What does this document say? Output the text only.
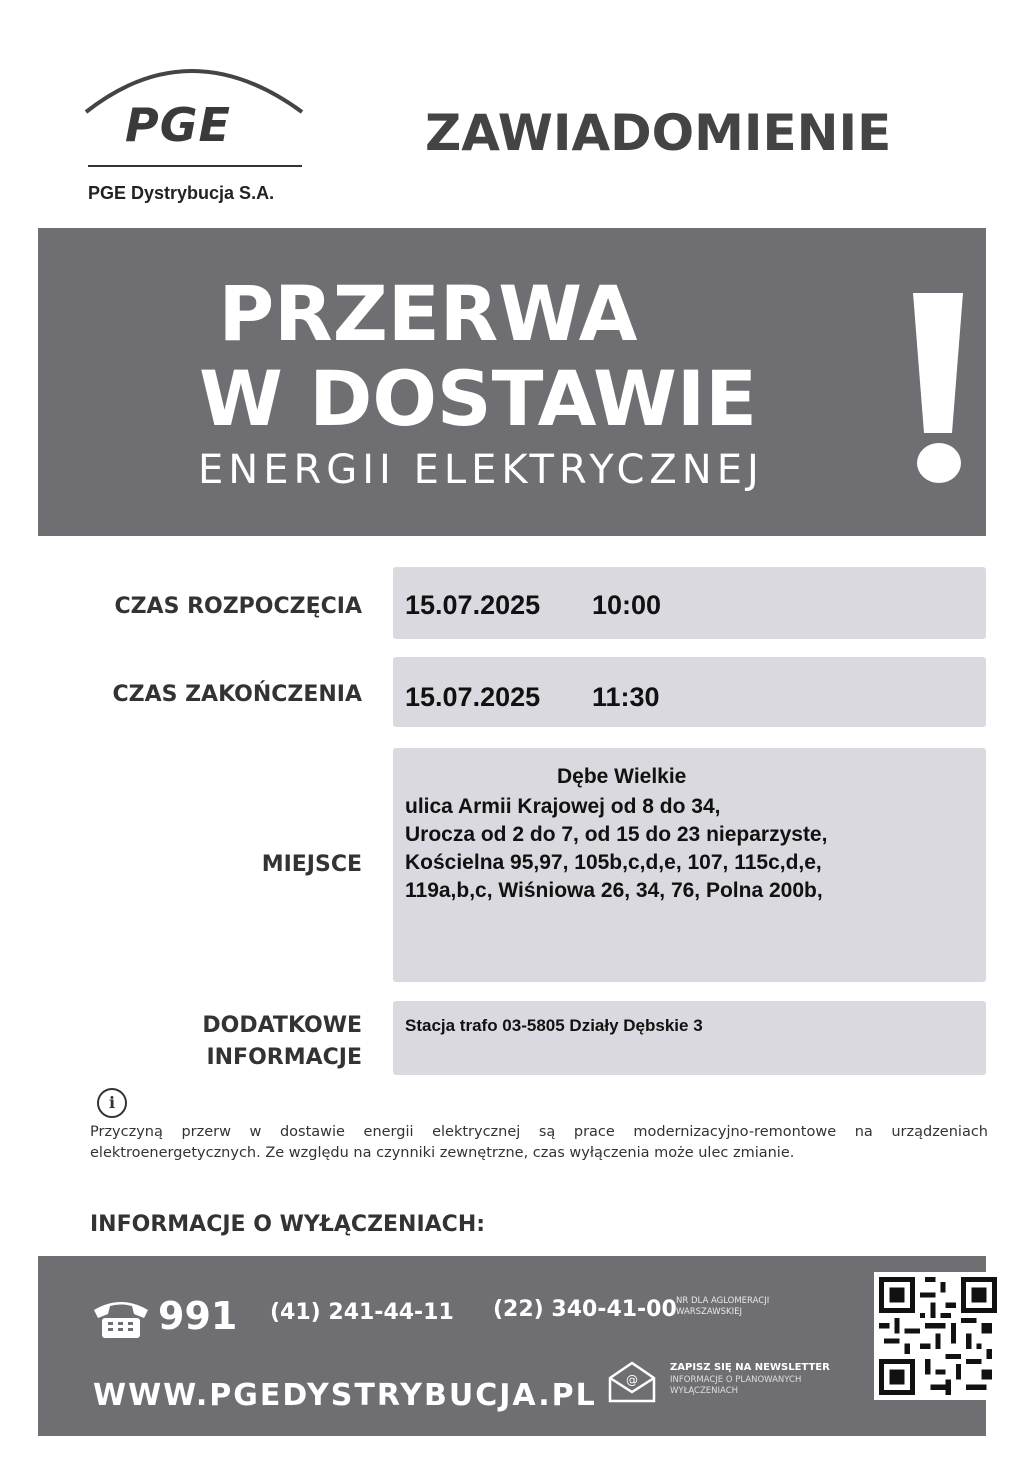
PGE
PGE Dystrybucja S.A.
ZAWIADOMIENIE
PRZERWA
W DOSTAWIE
ENERGII ELEKTRYCZNEJ
CZAS ROZPOCZĘCIA 15.07.2025 10:00
CZAS ZAKOŃCZENIA 15.07.2025 11:30
MIEJSCE
Dębe Wielkie
ulica Armii Krajowej od 8 do 34,
Urocza od 2 do 7, od 15 do 23 nieparzyste,
Kościelna 95,97, 105b,c,d,e, 107, 115c,d,e,
119a,b,c, Wiśniowa 26, 34, 76, Polna 200b,
DODATKOWE
INFORMACJE
Stacja trafo 03-5805 Działy Dębskie 3
i
Przyczyną przerw w dostawie energii elektrycznej są prace modernizacyjno-remontowe na urządzeniach elektroenergetycznych. Ze względu na czynniki zewnętrzne, czas wyłączenia może ulec zmianie.
INFORMACJE O WYŁĄCZENIACH:
991 (41) 241-44-11 (22) 340-41-00 NR DLA AGLOMERACJI
WARSZAWSKIEJ
WWW.PGEDYSTRYBUCJA.PL @
ZAPISZ SIĘ NA NEWSLETTER
INFORMACJE O PLANOWANYCH
WYŁĄCZENIACH
